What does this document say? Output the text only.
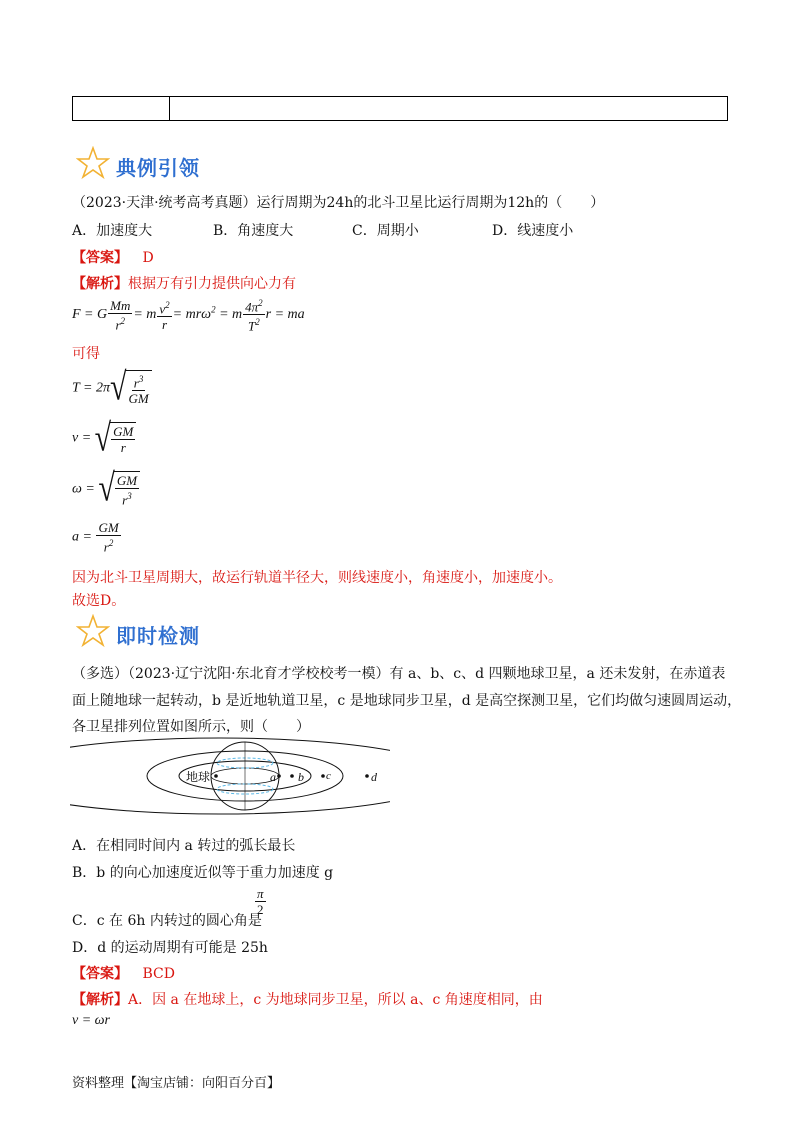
典例引领
（2023·天津·统考高考真题）运行周期为24h的北斗卫星比运行周期为12h的（　　）
A．加速度大	B．角速度大	C．周期小	D．线速度小
【答案】 D
【解析】根据万有引力提供向心力有
F = G $\frac{Mm}{r^2} = m \frac{v^2}{r} = mr\omega^2 = m \frac{4\pi^2}{T^2}$ r = ma
可得
T = 2π √ $\frac{r^3}{GM}$
v = √ $\frac{GM}{r}$
ω = √ $\frac{GM}{r^3}$
$a = \frac{GM}{r^2}$
因为北斗卫星周期大，故运行轨道半径大，则线速度小，角速度小，加速度小。
故选D。
即时检测
（多选）（2023·辽宁沈阳·东北育才学校校考一模）有 a、b、c、d 四颗地球卫星，a 还未发射，在赤道表
面上随地球一起转动，b 是近地轨道卫星，c 是地球同步卫星，d 是高空探测卫星，它们均做匀速圆周运动，
各卫星排列位置如图所示，则（　　）
地球	a b c	d
A．在相同时间内 a 转过的弧长最长
B．b 的向心加速度近似等于重力加速度 g
C．c 在 6h 内转过的圆心角是
$\frac{\pi}{2}$
D．d 的运动周期有可能是 25h
【答案】 BCD
【解析】A．因 a 在地球上，c 为地球同步卫星，所以 a、c 角速度相同，由
v = ωr
资料整理【淘宝店铺：向阳百分百】
